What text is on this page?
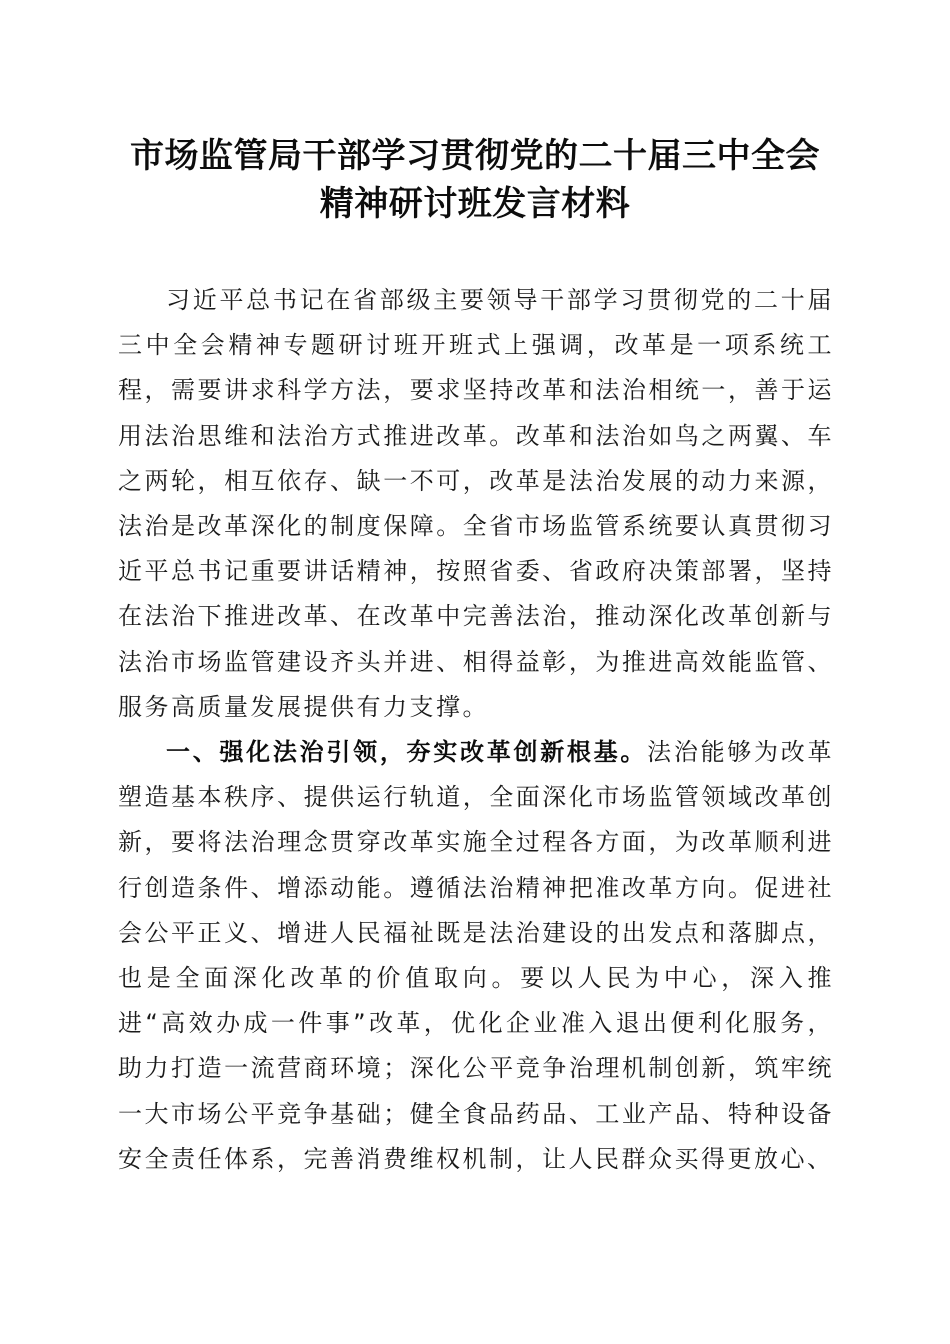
市场监管局干部学习贯彻党的二十届三中全会
精神研讨班发言材料

习近平总书记在省部级主要领导干部学习贯彻党的二十届三中全会精神专题研讨班开班式上强调，改革是一项系统工程，需要讲求科学方法，要求坚持改革和法治相统一，善于运用法治思维和法治方式推进改革。改革和法治如鸟之两翼、车之两轮，相互依存、缺一不可，改革是法治发展的动力来源，法治是改革深化的制度保障。全省市场监管系统要认真贯彻习近平总书记重要讲话精神，按照省委、省政府决策部署，坚持在法治下推进改革、在改革中完善法治，推动深化改革创新与法治市场监管建设齐头并进、相得益彰，为推进高效能监管、服务高质量发展提供有力支撑。

一、强化法治引领，夯实改革创新根基。法治能够为改革塑造基本秩序、提供运行轨道，全面深化市场监管领域改革创新，要将法治理念贯穿改革实施全过程各方面，为改革顺利进行创造条件、增添动能。遵循法治精神把准改革方向。促进社会公平正义、增进人民福祉既是法治建设的出发点和落脚点，也是全面深化改革的价值取向。要以人民为中心，深入推进“高效办成一件事”改革，优化企业准入退出便利化服务，助力打造一流营商环境；深化公平竞争治理机制创新，筑牢统一大市场公平竞争基础；健全食品药品、工业产品、特种设备安全责任体系，完善消费维权机制，让人民群众买得更放心、
